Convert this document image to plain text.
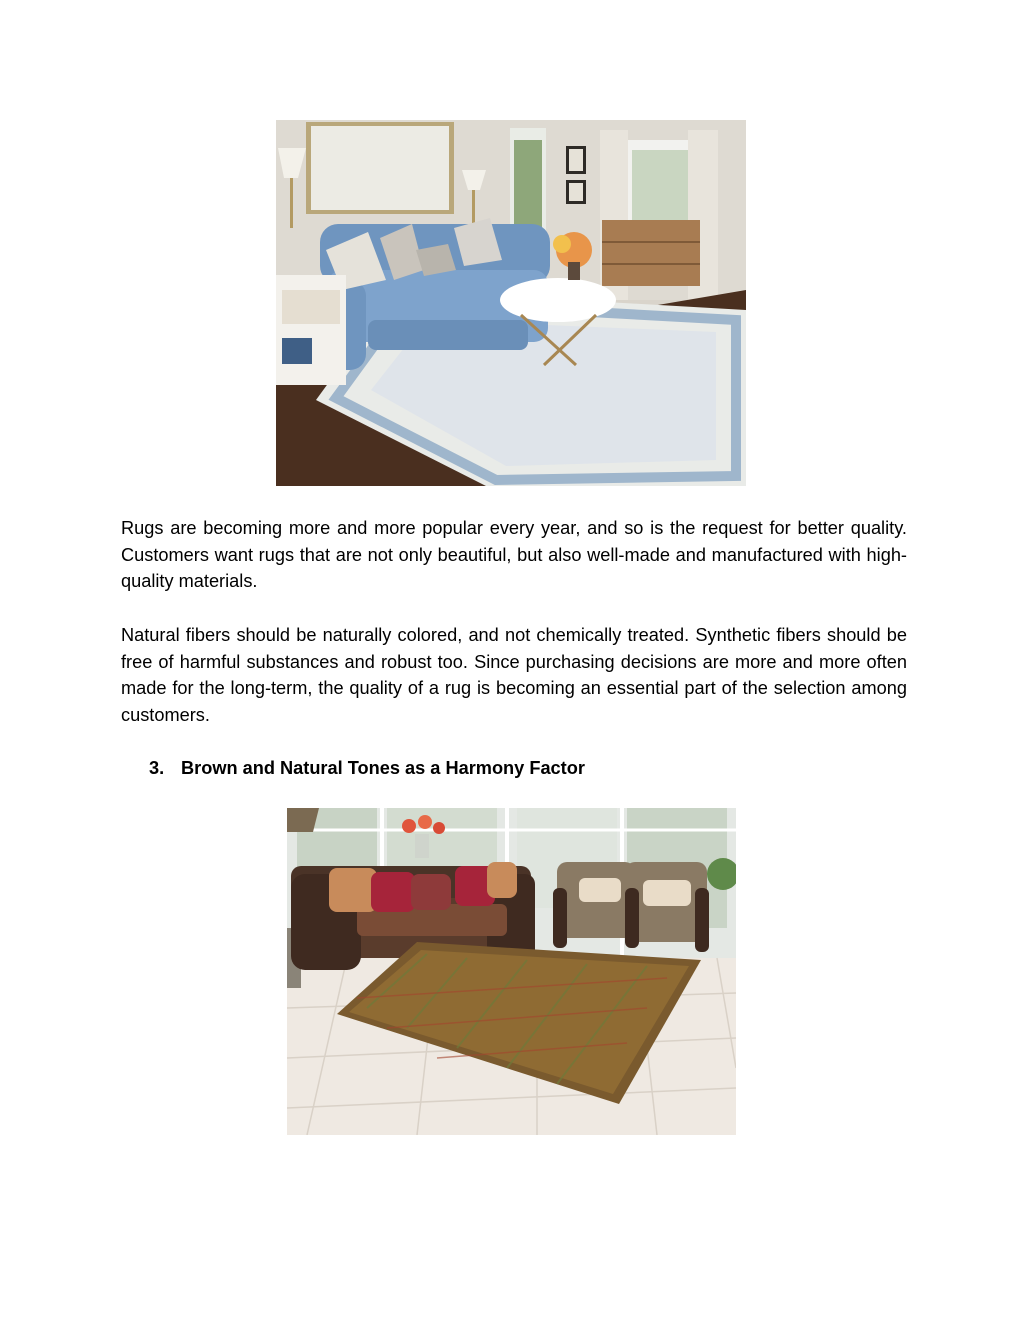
Rugs are becoming more and more popular every year, and so is the request for better quality. Customers want rugs that are not only beautiful, but also well-made and manufactured with high-quality materials.

Natural fibers should be naturally colored, and not chemically treated. Synthetic fibers should be free of harmful substances and robust too. Since purchasing decisions are more and more often made for the long-term, the quality of a rug is becoming an essential part of the selection among customers.

3. Brown and Natural Tones as a Harmony Factor
